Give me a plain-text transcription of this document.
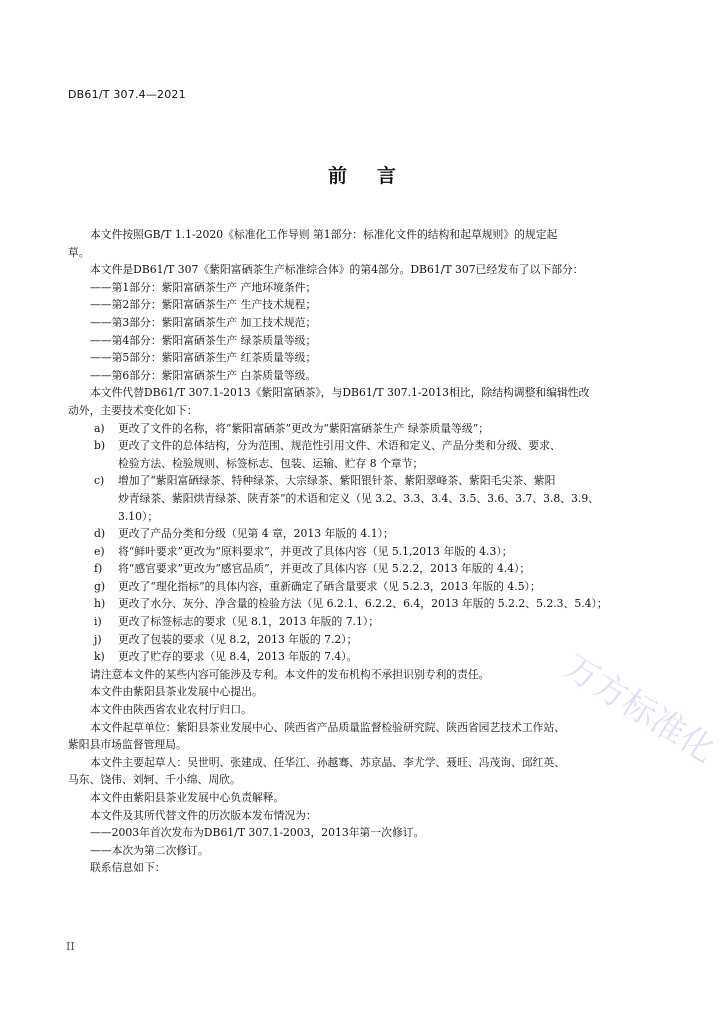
DB61/T 307.4—2021
前言
本文件按照GB/T 1.1-2020《标准化工作导则 第1部分：标准化文件的结构和起草规则》的规定起
草。
本文件是DB61/T 307《紫阳富硒茶生产标准综合体》的第4部分。DB61/T 307已经发布了以下部分：
——第1部分：紫阳富硒茶生产 产地环境条件；
——第2部分：紫阳富硒茶生产 生产技术规程；
——第3部分：紫阳富硒茶生产 加工技术规范；
——第4部分：紫阳富硒茶生产 绿茶质量等级；
——第5部分：紫阳富硒茶生产 红茶质量等级；
——第6部分：紫阳富硒茶生产 白茶质量等级。
本文件代替DB61/T 307.1-2013《紫阳富硒茶》，与DB61/T 307.1-2013相比，除结构调整和编辑性改
动外，主要技术变化如下：
a) 更改了文件的名称，将“紫阳富硒茶”更改为“紫阳富硒茶生产 绿茶质量等级”；
b) 更改了文件的总体结构，分为范围、规范性引用文件、术语和定义、产品分类和分级、要求、
检验方法、检验规则、标签标志、包装、运输、贮存 8 个章节；
c) 增加了“紫阳富硒绿茶、特种绿茶、大宗绿茶、紫阳银针茶、紫阳翠峰茶、紫阳毛尖茶、紫阳
炒青绿茶、紫阳烘青绿茶、陕青茶”的术语和定义（见 3.2、3.3、3.4、3.5、3.6、3.7、3.8、3.9、
3.10）；
d) 更改了产品分类和分级（见第 4 章，2013 年版的 4.1）；
e) 将“鲜叶要求”更改为“原料要求”，并更改了具体内容（见 5.1,2013 年版的 4.3）；
f) 将“感官要求”更改为“感官品质”，并更改了具体内容（见 5.2.2，2013 年版的 4.4）；
g) 更改了“理化指标”的具体内容，重新确定了硒含量要求（见 5.2.3，2013 年版的 4.5）；
h) 更改了水分、灰分、净含量的检验方法（见 6.2.1、6.2.2、6.4，2013 年版的 5.2.2、5.2.3、5.4）；
i) 更改了标签标志的要求（见 8.1，2013 年版的 7.1）；
j) 更改了包装的要求（见 8.2，2013 年版的 7.2）；
k) 更改了贮存的要求（见 8.4，2013 年版的 7.4）。
请注意本文件的某些内容可能涉及专利。本文件的发布机构不承担识别专利的责任。
本文件由紫阳县茶业发展中心提出。
本文件由陕西省农业农村厅归口。
本文件起草单位：紫阳县茶业发展中心、陕西省产品质量监督检验研究院、陕西省园艺技术工作站、
紫阳县市场监督管理局。
本文件主要起草人：吴世明、张建成、任华江、孙越骞、苏京晶、李尤学、聂旺、冯茂询、邱红英、
马东、饶伟、刘轲、千小绵、周欣。
本文件由紫阳县茶业发展中心负责解释。
本文件及其所代替文件的历次版本发布情况为：
——2003年首次发布为DB61/T 307.1-2003，2013年第一次修订。
——本次为第二次修订。
联系信息如下：
II
万方标准化
